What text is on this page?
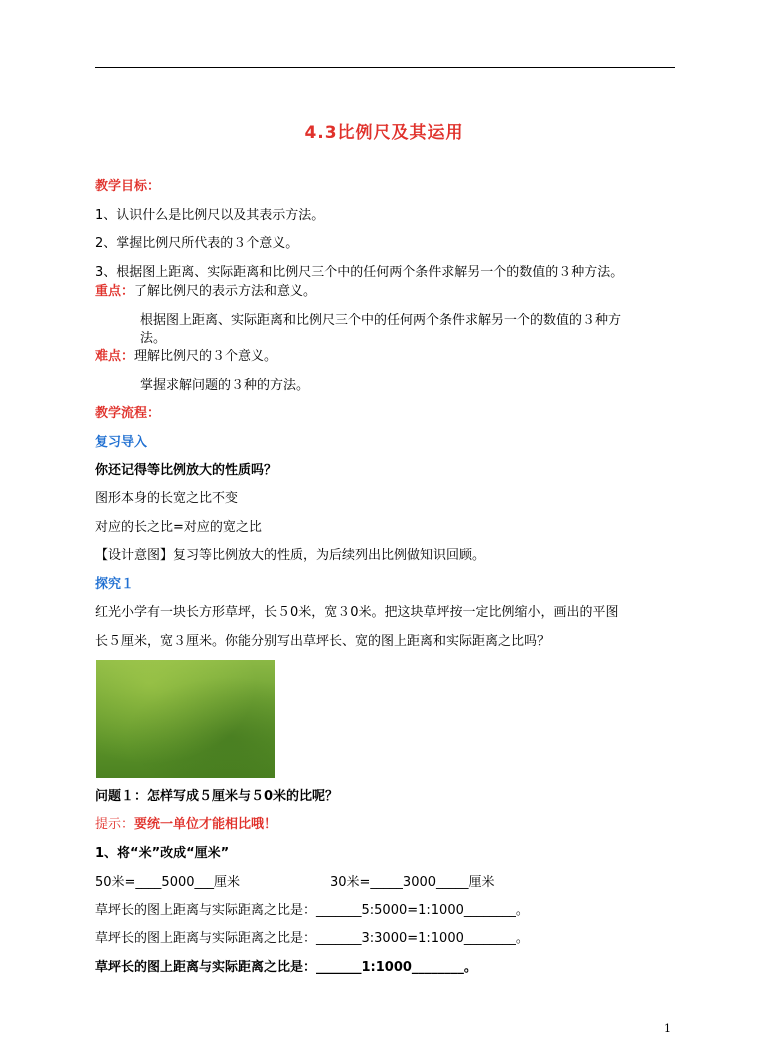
4.3比例尺及其运用
教学目标：
1、认识什么是比例尺以及其表示方法。
2、掌握比例尺所代表的３个意义。
3、根据图上距离、实际距离和比例尺三个中的任何两个条件求解另一个的数值的３种方法。
重点：了解比例尺的表示方法和意义。
根据图上距离、实际距离和比例尺三个中的任何两个条件求解另一个的数值的３种方
法。
难点：理解比例尺的３个意义。
掌握求解问题的３种的方法。
教学流程：
复习导入
你还记得等比例放大的性质吗？
图形本身的长宽之比不变
对应的长之比=对应的宽之比
【设计意图】复习等比例放大的性质，为后续列出比例做知识回顾。
探究１
红光小学有一块长方形草坪，长５0米，宽３0米。把这块草坪按一定比例缩小，画出的平图
长５厘米，宽３厘米。你能分别写出草坪长、宽的图上距离和实际距离之比吗？
问题１：怎样写成５厘米与５0米的比呢？
提示：要统一单位才能相比哦！
1、将“米”改成“厘米”
50米=____5000___厘米	30米=_____3000_____厘米
草坪长的图上距离与实际距离之比是：_______5:5000=1:1000________。
草坪长的图上距离与实际距离之比是：_______3:3000=1:1000________。
草坪长的图上距离与实际距离之比是：_______1:1000________。
1
